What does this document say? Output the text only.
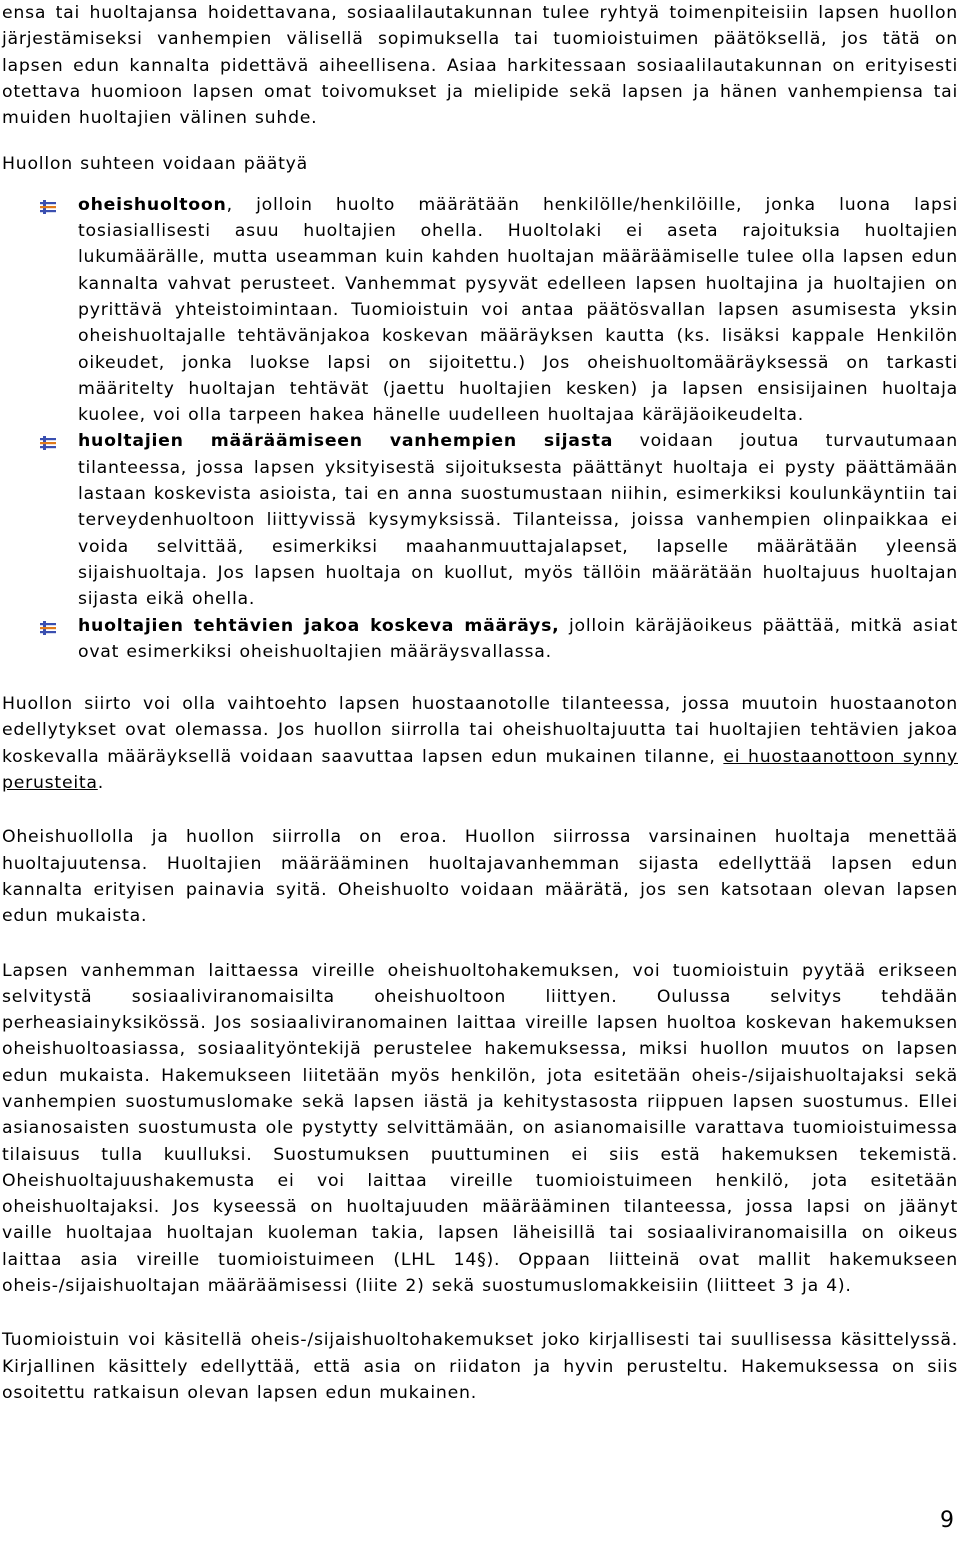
ensa tai huoltajansa hoidettavana, sosiaalilautakunnan tulee ryhtyä toimenpiteisiin lapsen huollon järjestämiseksi vanhempien välisellä sopimuksella tai tuomioistuimen päätöksellä, jos tätä on lapsen edun kannalta pidettävä aiheellisena. Asiaa harkitessaan sosiaalilautakunnan on erityisesti otettava huomioon lapsen omat toivomukset ja mielipide sekä lapsen ja hänen vanhempiensa tai muiden huoltajien välinen suhde.

Huollon suhteen voidaan päätyä

oheishuoltoon, jolloin huolto määrätään henkilölle/henkilöille, jonka luona lapsi tosiasiallisesti asuu huoltajien ohella. Huoltolaki ei aseta rajoituksia huoltajien lukumäärälle, mutta useamman kuin kahden huoltajan määräämiselle tulee olla lapsen edun kannalta vahvat perusteet. Vanhemmat pysyvät edelleen lapsen huoltajina ja huoltajien on pyrittävä yhteistoimintaan. Tuomioistuin voi antaa päätösvallan lapsen asumisesta yksin oheishuoltajalle tehtävänjakoa koskevan määräyksen kautta (ks. lisäksi kappale Henkilön oikeudet, jonka luokse lapsi on sijoitettu.) Jos oheishuoltomääräyksessä on tarkasti määritelty huoltajan tehtävät (jaettu huoltajien kesken) ja lapsen ensisijainen huoltaja kuolee, voi olla tarpeen hakea hänelle uudelleen huoltajaa käräjäoikeudelta.

huoltajien määräämiseen vanhempien sijasta voidaan joutua turvautumaan tilanteessa, jossa lapsen yksityisestä sijoituksesta päättänyt huoltaja ei pysty päättämään lastaan koskevista asioista, tai en anna suostumustaan niihin, esimerkiksi koulunkäyntiin tai terveydenhuoltoon liittyvissä kysymyksissä. Tilanteissa, joissa vanhempien olinpaikkaa ei voida selvittää, esimerkiksi maahanmuuttajalapset, lapselle määrätään yleensä sijaishuoltaja. Jos lapsen huoltaja on kuollut, myös tällöin määrätään huoltajuus huoltajan sijasta eikä ohella.

huoltajien tehtävien jakoa koskeva määräys, jolloin käräjäoikeus päättää, mitkä asiat ovat esimerkiksi oheishuoltajien määräysvallassa.

Huollon siirto voi olla vaihtoehto lapsen huostaanotolle tilanteessa, jossa muutoin huostaanoton edellytykset ovat olemassa. Jos huollon siirrolla tai oheishuoltajuutta tai huoltajien tehtävien jakoa koskevalla määräyksellä voidaan saavuttaa lapsen edun mukainen tilanne, ei huostaanottoon synny perusteita.

Oheishuollolla ja huollon siirrolla on eroa. Huollon siirrossa varsinainen huoltaja menettää huoltajuutensa. Huoltajien määrääminen huoltajavanhemman sijasta edellyttää lapsen edun kannalta erityisen painavia syitä. Oheishuolto voidaan määrätä, jos sen katsotaan olevan lapsen edun mukaista.

Lapsen vanhemman laittaessa vireille oheishuoltohakemuksen, voi tuomioistuin pyytää erikseen selvitystä sosiaaliviranomaisilta oheishuoltoon liittyen. Oulussa selvitys tehdään perheasiainyksikössä. Jos sosiaaliviranomainen laittaa vireille lapsen huoltoa koskevan hakemuksen oheishuoltoasiassa, sosiaalityöntekijä perustelee hakemuksessa, miksi huollon muutos on lapsen edun mukaista. Hakemukseen liitetään myös henkilön, jota esitetään oheis-/sijaishuoltajaksi sekä vanhempien suostumuslomake sekä lapsen iästä ja kehitystasosta riippuen lapsen suostumus. Ellei asianosaisten suostumusta ole pystytty selvittämään, on asianomaisille varattava tuomioistuimessa tilaisuus tulla kuulluksi. Suostumuksen puuttuminen ei siis estä hakemuksen tekemistä. Oheishuoltajuushakemusta ei voi laittaa vireille tuomioistuimeen henkilö, jota esitetään oheishuoltajaksi. Jos kyseessä on huoltajuuden määrääminen tilanteessa, jossa lapsi on jäänyt vaille huoltajaa huoltajan kuoleman takia, lapsen läheisillä tai sosiaaliviranomaisilla on oikeus laittaa asia vireille tuomioistuimeen (LHL 14§). Oppaan liitteinä ovat mallit hakemukseen oheis-/sijaishuoltajan määräämisessi (liite 2) sekä suostumuslomakkeisiin (liitteet 3 ja 4).

Tuomioistuin voi käsitellä oheis-/sijaishuoltohakemukset joko kirjallisesti tai suullisessa käsittelyssä. Kirjallinen käsittely edellyttää, että asia on riidaton ja hyvin perusteltu. Hakemuksessa on siis osoitettu ratkaisun olevan lapsen edun mukainen.

9
